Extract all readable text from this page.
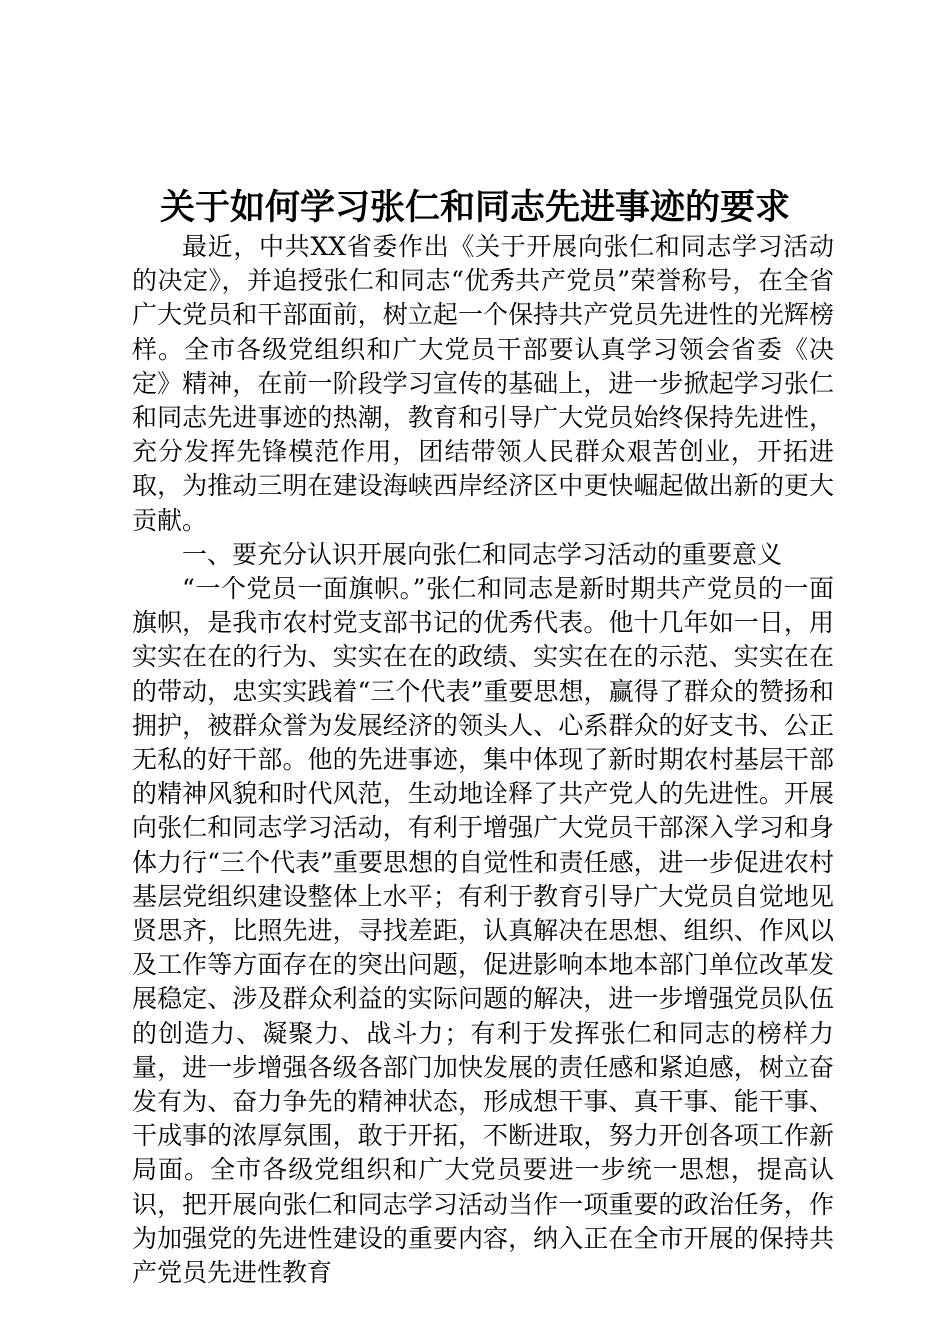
关于如何学习张仁和同志先进事迹的要求

最近，中共XX省委作出《关于开展向张仁和同志学习活动的决定》，并追授张仁和同志“优秀共产党员”荣誉称号，在全省广大党员和干部面前，树立起一个保持共产党员先进性的光辉榜样。全市各级党组织和广大党员干部要认真学习领会省委《决定》精神，在前一阶段学习宣传的基础上，进一步掀起学习张仁和同志先进事迹的热潮，教育和引导广大党员始终保持先进性，充分发挥先锋模范作用，团结带领人民群众艰苦创业，开拓进取，为推动三明在建设海峡西岸经济区中更快崛起做出新的更大贡献。

一、要充分认识开展向张仁和同志学习活动的重要意义

“一个党员一面旗帜。”张仁和同志是新时期共产党员的一面旗帜，是我市农村党支部书记的优秀代表。他十几年如一日，用实实在在的行为、实实在在的政绩、实实在在的示范、实实在在的带动，忠实实践着“三个代表”重要思想，赢得了群众的赞扬和拥护，被群众誉为发展经济的领头人、心系群众的好支书、公正无私的好干部。他的先进事迹，集中体现了新时期农村基层干部的精神风貌和时代风范，生动地诠释了共产党人的先进性。开展向张仁和同志学习活动，有利于增强广大党员干部深入学习和身体力行“三个代表”重要思想的自觉性和责任感，进一步促进农村基层党组织建设整体上水平；有利于教育引导广大党员自觉地见贤思齐，比照先进，寻找差距，认真解决在思想、组织、作风以及工作等方面存在的突出问题，促进影响本地本部门单位改革发展稳定、涉及群众利益的实际问题的解决，进一步增强党员队伍的创造力、凝聚力、战斗力；有利于发挥张仁和同志的榜样力量，进一步增强各级各部门加快发展的责任感和紧迫感，树立奋发有为、奋力争先的精神状态，形成想干事、真干事、能干事、干成事的浓厚氛围，敢于开拓，不断进取，努力开创各项工作新局面。全市各级党组织和广大党员要进一步统一思想，提高认识，把开展向张仁和同志学习活动当作一项重要的政治任务，作为加强党的先进性建设的重要内容，纳入正在全市开展的保持共产党员先进性教育
